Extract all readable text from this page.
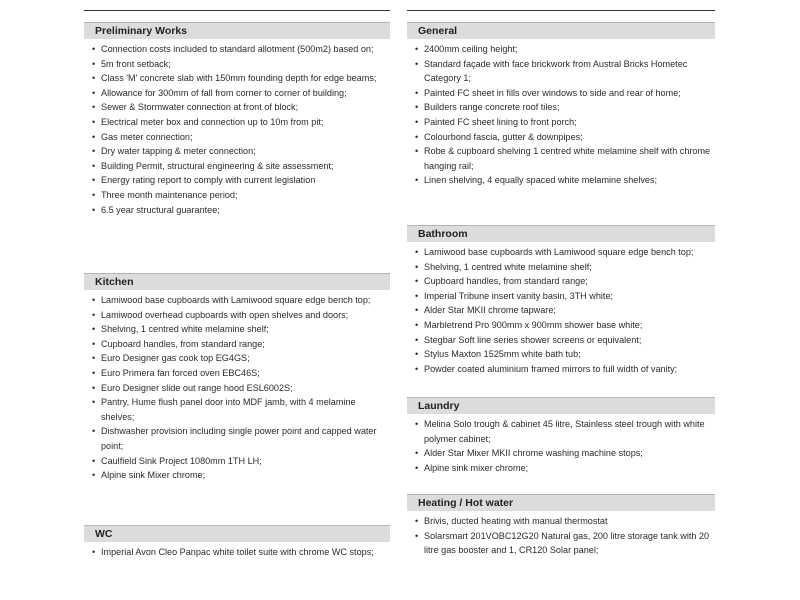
Preliminary Works
• Connection costs included to standard allotment (500m2) based on;
• 5m front setback;
• Class 'M' concrete slab with 150mm founding depth for edge beams;
• Allowance for 300mm of fall from corner to corner of building;
• Sewer & Stormwater connection at front of block;
• Electrical meter box and connection up to 10m from pit;
• Gas meter connection;
• Dry water tapping & meter connection;
• Building Permit, structural engineering & site assessment;
• Energy rating report to comply with current legislation
• Three month maintenance period;
• 6.5 year structural guarantee;
Kitchen
• Lamiwood base cupboards with Lamiwood square edge bench top;
• Lamiwood overhead cupboards with open shelves and doors;
• Shelving, 1 centred white melamine shelf;
• Cupboard handles, from standard range;
• Euro Designer gas cook top EG4GS;
• Euro Primera fan forced oven EBC46S;
• Euro Designer slide out range hood ESL6002S;
• Pantry, Hume flush panel door into MDF jamb, with 4 melamine shelves;
• Dishwasher provision including single power point and capped water point;
• Caulfield Sink Project 1080mm 1TH LH;
• Alpine sink Mixer chrome;
WC
• Imperial Avon Cleo Panpac white toilet suite with chrome WC stops;
General
• 2400mm ceiling height;
• Standard façade with face brickwork from Austral Bricks Hometec Category 1;
• Painted FC sheet in fills over windows to side and rear of home;
• Builders range concrete roof tiles;
• Painted FC sheet lining to front porch;
• Colourbond fascia, gutter & downpipes;
• Robe & cupboard shelving 1 centred white melamine shelf with chrome hanging rail;
• Linen shelving, 4 equally spaced white melamine shelves;
Bathroom
• Lamiwood base cupboards with Lamiwood square edge bench top;
• Shelving, 1 centred white melamine shelf;
• Cupboard handles, from standard range;
• Imperial Tribune insert vanity basin, 3TH white;
• Alder Star MKII chrome tapware;
• Marbletrend Pro 900mm x 900mm shower base white;
• Stegbar Soft line series shower screens or equivalent;
• Stylus Maxton 1525mm white bath tub;
• Powder coated aluminium framed mirrors to full width of vanity;
Laundry
• Melina Solo trough & cabinet 45 litre, Stainless steel trough with white polymer cabinet;
• Alder Star Mixer MKII chrome washing machine stops;
• Alpine sink mixer chrome;
Heating / Hot water
• Brivis, ducted heating with manual thermostat
• Solarsmart 201VOBC12G20 Natural gas, 200 litre storage tank with 20 litre gas booster and 1, CR120 Solar panel;
